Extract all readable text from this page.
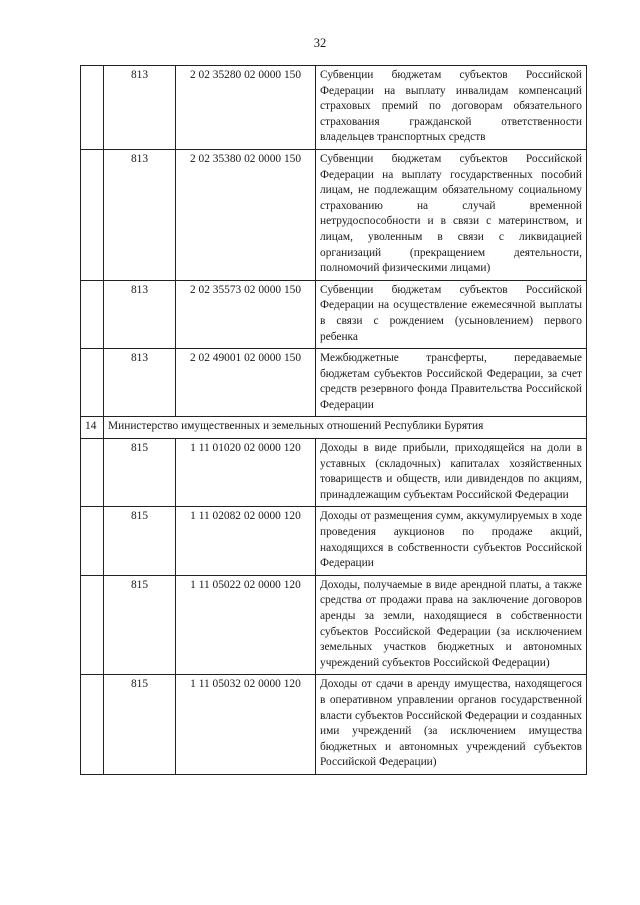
32
	813	2 02 35280 02 0000 150	Субвенции бюджетам субъектов Российской Федерации на выплату инвалидам компенсаций страховых премий по договорам обязательного страхования гражданской ответственности владельцев транспортных средств
	813	2 02 35380 02 0000 150	Субвенции бюджетам субъектов Российской Федерации на выплату государственных пособий лицам, не подлежащим обязательному социальному страхованию на случай временной нетрудоспособности и в связи с материнством, и лицам, уволенным в связи с ликвидацией организаций (прекращением деятельности, полномочий физическими лицами)
	813	2 02 35573 02 0000 150	Субвенции бюджетам субъектов Российской Федерации на осуществление ежемесячной выплаты в связи с рождением (усыновлением) первого ребенка
	813	2 02 49001 02 0000 150	Межбюджетные трансферты, передаваемые бюджетам субъектов Российской Федерации, за счет средств резервного фонда Правительства Российской Федерации
14	Министерство имущественных и земельных отношений Республики Бурятия		
	815	1 11 01020 02 0000 120	Доходы в виде прибыли, приходящейся на доли в уставных (складочных) капиталах хозяйственных товариществ и обществ, или дивидендов по акциям, принадлежащим субъектам Российской Федерации
	815	1 11 02082 02 0000 120	Доходы от размещения сумм, аккумулируемых в ходе проведения аукционов по продаже акций, находящихся в собственности субъектов Российской Федерации
	815	1 11 05022 02 0000 120	Доходы, получаемые в виде арендной платы, а также средства от продажи права на заключение договоров аренды за земли, находящиеся в собственности субъектов Российской Федерации (за исключением земельных участков бюджетных и автономных учреждений субъектов Российской Федерации)
	815	1 11 05032 02 0000 120	Доходы от сдачи в аренду имущества, находящегося в оперативном управлении органов государственной власти субъектов Российской Федерации и созданных ими учреждений (за исключением имущества бюджетных и автономных учреждений субъектов Российской Федерации)
